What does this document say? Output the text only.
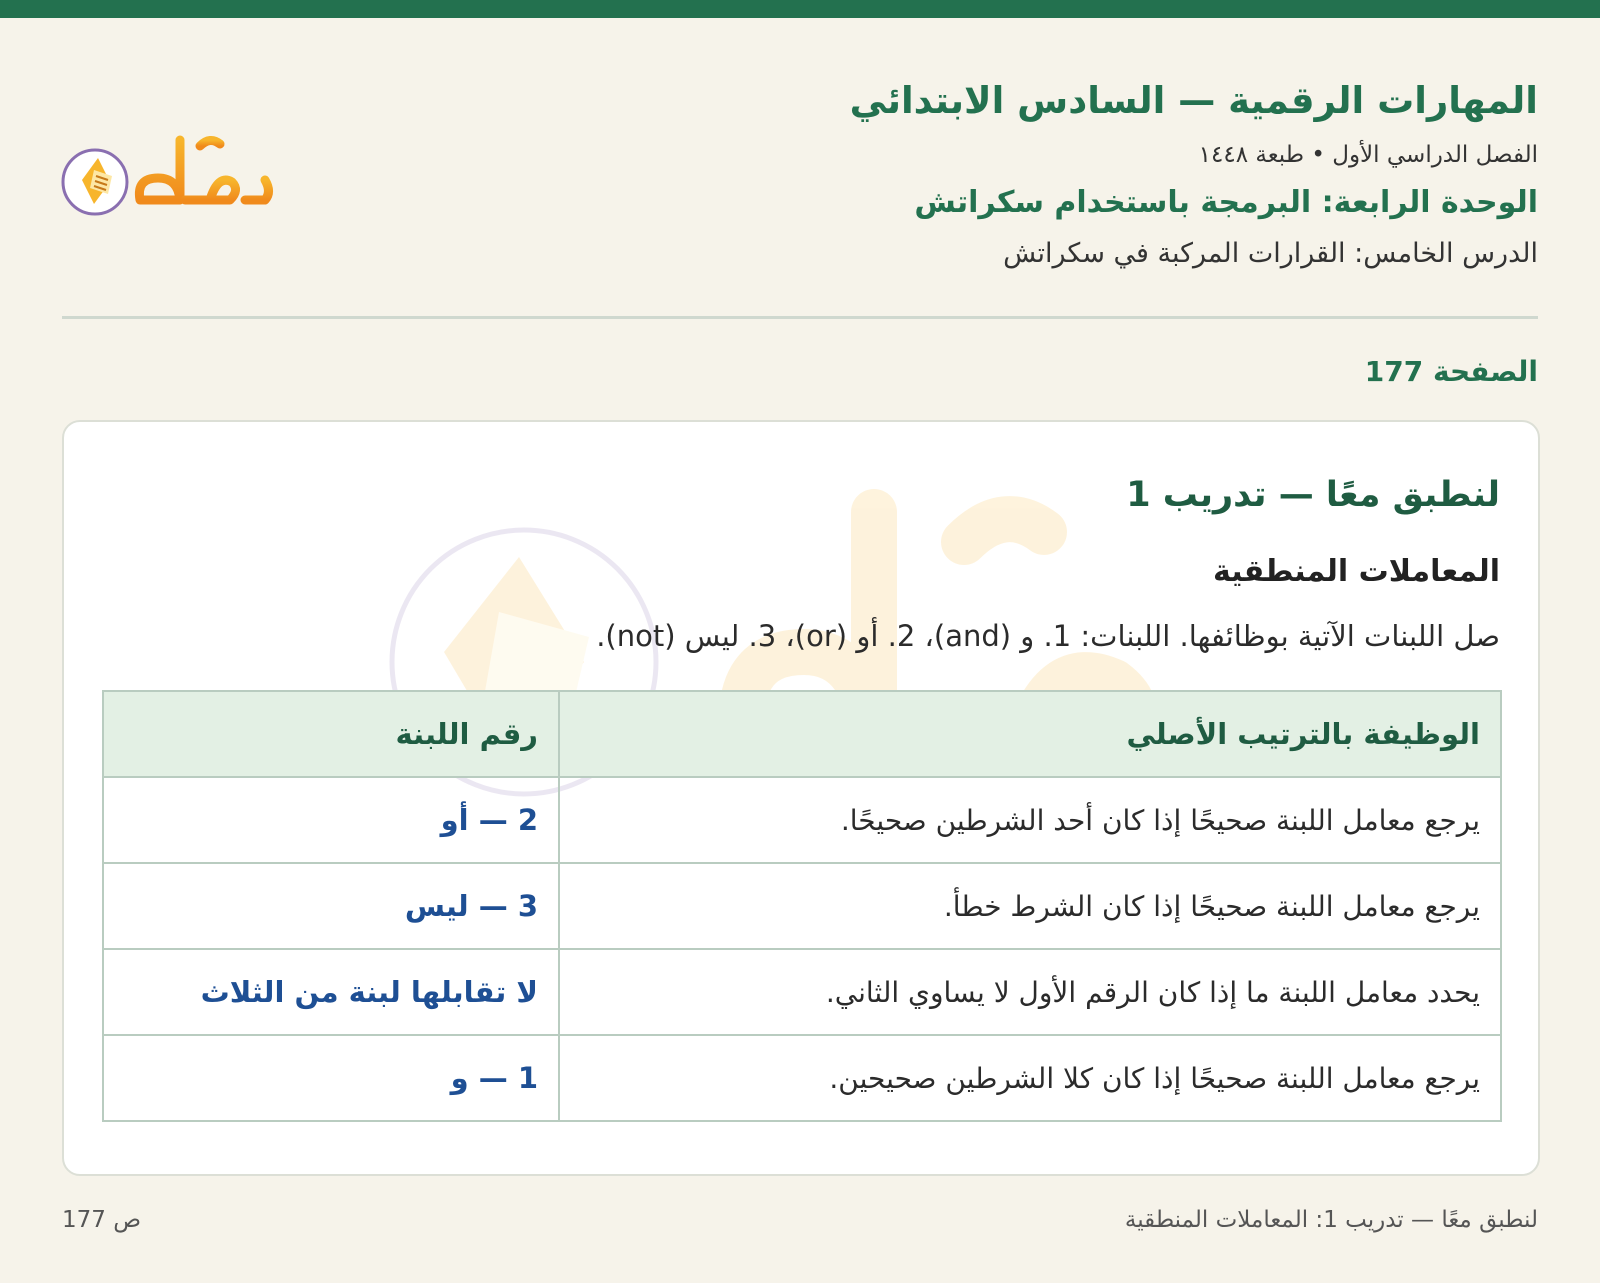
المهارات الرقمية — السادس الابتدائي
الفصل الدراسي الأول • طبعة ١٤٤٨
الوحدة الرابعة: البرمجة باستخدام سكراتش
الدرس الخامس: القرارات المركبة في سكراتش
الصفحة 177
لنطبق معًا — تدريب 1
المعاملات المنطقية
صل اللبنات الآتية بوظائفها. اللبنات: 1. و (and)، 2. أو (or)، 3. ليس (not).
الوظيفة بالترتيب الأصلي	رقم اللبنة
يرجع معامل اللبنة صحيحًا إذا كان أحد الشرطين صحيحًا.	2 — أو
يرجع معامل اللبنة صحيحًا إذا كان الشرط خطأ.	3 — ليس
يحدد معامل اللبنة ما إذا كان الرقم الأول لا يساوي الثاني.	لا تقابلها لبنة من الثلاث
يرجع معامل اللبنة صحيحًا إذا كان كلا الشرطين صحيحين.	1 — و
ص 177	لنطبق معًا — تدريب 1: المعاملات المنطقية
